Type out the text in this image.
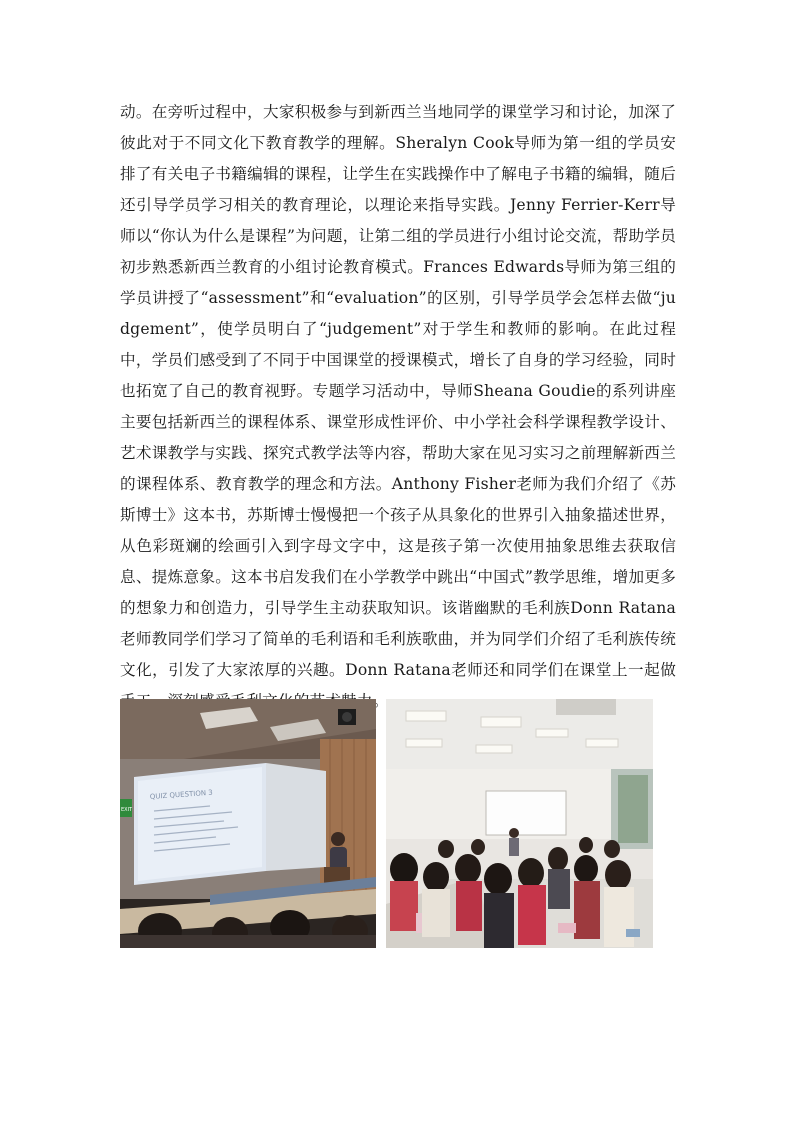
动。在旁听过程中，大家积极参与到新西兰当地同学的课堂学习和讨论，加深了彼此对于不同文化下教育教学的理解。Sheralyn Cook导师为第一组的学员安排了有关电子书籍编辑的课程，让学生在实践操作中了解电子书籍的编辑，随后还引导学员学习相关的教育理论，以理论来指导实践。Jenny Ferrier-Kerr导师以“你认为什么是课程”为问题，让第二组的学员进行小组讨论交流，帮助学员初步熟悉新西兰教育的小组讨论教育模式。Frances Edwards导师为第三组的学员讲授了“assessment”和“evaluation”的区别，引导学员学会怎样去做“judgement”，使学员明白了“judgement”对于学生和教师的影响。在此过程中，学员们感受到了不同于中国课堂的授课模式，增长了自身的学习经验，同时也拓宽了自己的教育视野。专题学习活动中，导师Sheana Goudie的系列讲座主要包括新西兰的课程体系、课堂形成性评价、中小学社会科学课程教学设计、艺术课教学与实践、探究式教学法等内容，帮助大家在见习实习之前理解新西兰的课程体系、教育教学的理念和方法。Anthony Fisher老师为我们介绍了《苏斯博士》这本书，苏斯博士慢慢把一个孩子从具象化的世界引入抽象描述世界，从色彩斑斓的绘画引入到字母文字中，这是孩子第一次使用抽象思维去获取信息、提炼意象。这本书启发我们在小学教学中跳出“中国式”教学思维，增加更多的想象力和创造力，引导学生主动获取知识。该谐幽默的毛利族Donn Ratana老师教同学们学习了简单的毛利语和毛利族歌曲，并为同学们介绍了毛利族传统文化，引发了大家浓厚的兴趣。Donn Ratana老师还和同学们在课堂上一起做 。

QUIZ QUESTION 3
EXIT
​
